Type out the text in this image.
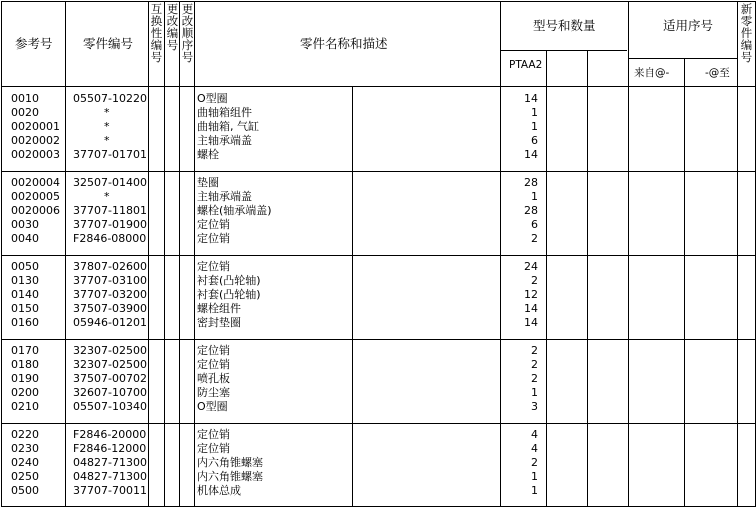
参考号 零件编号
互
换
性
编
号
更
改
编
号
更
改
顺
序
号
零件名称和描述
型号和数量
PTAA2
适用序号
来自@-	-@至
新
零
件
编
号
0010	05507-10220	O型圈	14
0020	*	曲轴箱组件	1
0020001	*	曲轴箱, 气缸	1
0020002	*	主轴承端盖	6
0020003 37707-01701	螺栓	14
0020004 32507-01400	垫圈	28
0020005	*	主轴承端盖	1
0020006 37707-11801	螺栓(轴承端盖)	28
0030	37707-01900	定位销	6
0040	F2846-08000	定位销	2
0050	37807-02600	定位销	24
0130	37707-03100	衬套(凸轮轴)	2
0140	37707-03200	衬套(凸轮轴)	12
0150	37507-03900	螺栓组件	14
0160	05946-01201	密封垫圈	14
0170	32307-02500	定位销	2
0180	32307-02500	定位销	2
0190	37507-00702	喷孔板	2
0200	32607-10700	防尘塞	1
0210	05507-10340	O型圈	3
0220	F2846-20000	定位销	4
0230	F2846-12000	定位销	4
0240	04827-71300	内六角锥螺塞	2
0250	04827-71300	内六角锥螺塞	1
0500	37707-70011	机体总成	1
